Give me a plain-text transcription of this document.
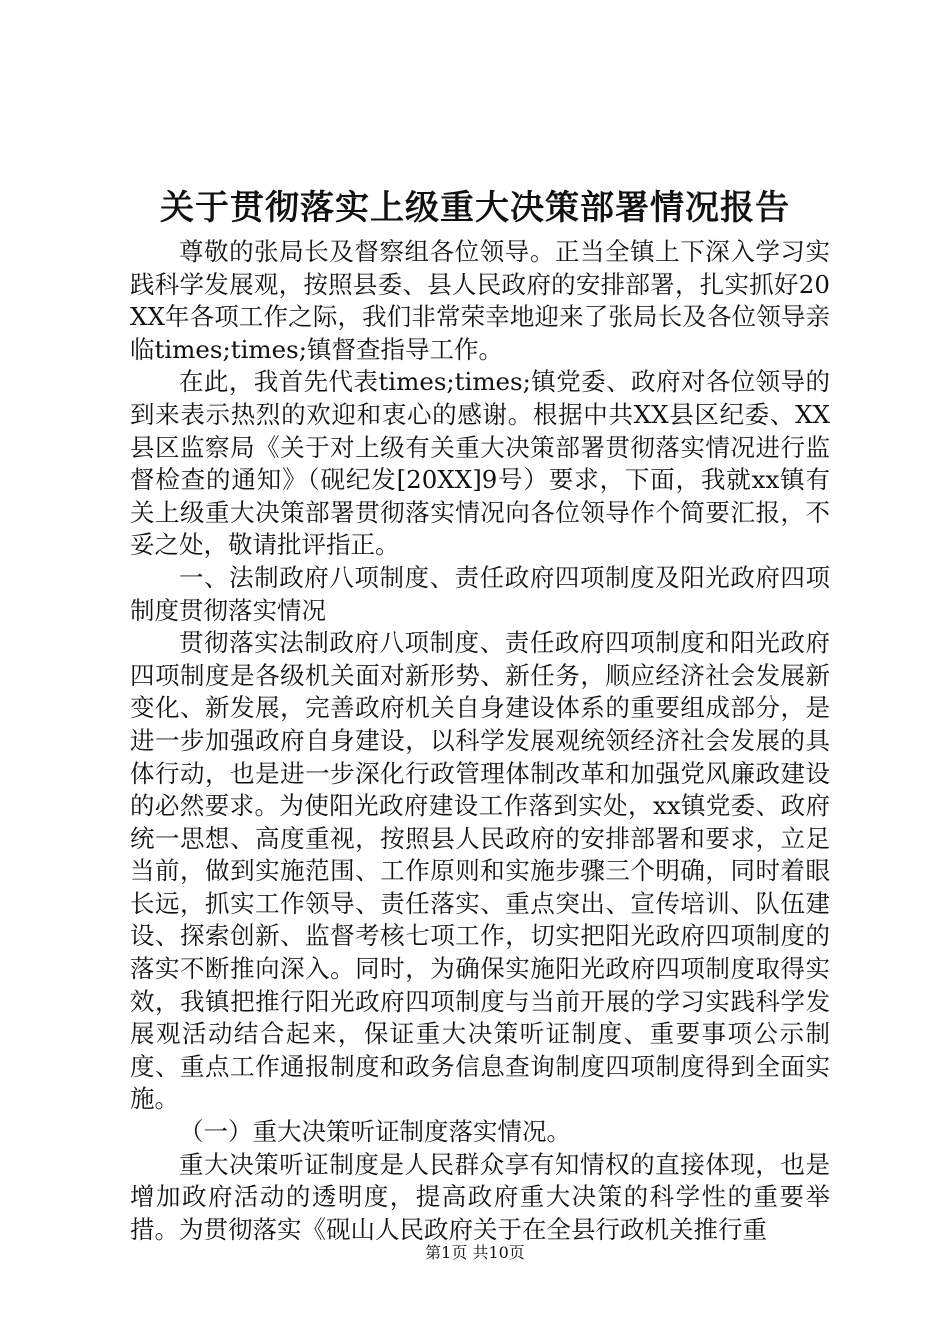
关于贯彻落实上级重大决策部署情况报告

尊敬的张局长及督察组各位领导。正当全镇上下深入学习实践科学发展观，按照县委、县人民政府的安排部署，扎实抓好20XX年各项工作之际，我们非常荣幸地迎来了张局长及各位领导亲临times;times;镇督查指导工作。

在此，我首先代表times;times;镇党委、政府对各位领导的到来表示热烈的欢迎和衷心的感谢。根据中共XX县区纪委、XX县区监察局《关于对上级有关重大决策部署贯彻落实情况进行监督检查的通知》（砚纪发[20XX]9号）要求，下面，我就xx镇有关上级重大决策部署贯彻落实情况向各位领导作个简要汇报，不妥之处，敬请批评指正。

一、法制政府八项制度、责任政府四项制度及阳光政府四项制度贯彻落实情况

贯彻落实法制政府八项制度、责任政府四项制度和阳光政府四项制度是各级机关面对新形势、新任务，顺应经济社会发展新变化、新发展，完善政府机关自身建设体系的重要组成部分，是进一步加强政府自身建设，以科学发展观统领经济社会发展的具体行动，也是进一步深化行政管理体制改革和加强党风廉政建设的必然要求。为使阳光政府建设工作落到实处，xx镇党委、政府统一思想、高度重视，按照县人民政府的安排部署和要求，立足当前，做到实施范围、工作原则和实施步骤三个明确，同时着眼长远，抓实工作领导、责任落实、重点突出、宣传培训、队伍建设、探索创新、监督考核七项工作，切实把阳光政府四项制度的落实不断推向深入。同时，为确保实施阳光政府四项制度取得实效，我镇把推行阳光政府四项制度与当前开展的学习实践科学发展观活动结合起来，保证重大决策听证制度、重要事项公示制度、重点工作通报制度和政务信息查询制度四项制度得到全面实施。

（一）重大决策听证制度落实情况。

重大决策听证制度是人民群众享有知情权的直接体现，也是增加政府活动的透明度，提高政府重大决策的科学性的重要举措。为贯彻落实《砚山人民政府关于在全县行政机关推行重

第1页 共10页
